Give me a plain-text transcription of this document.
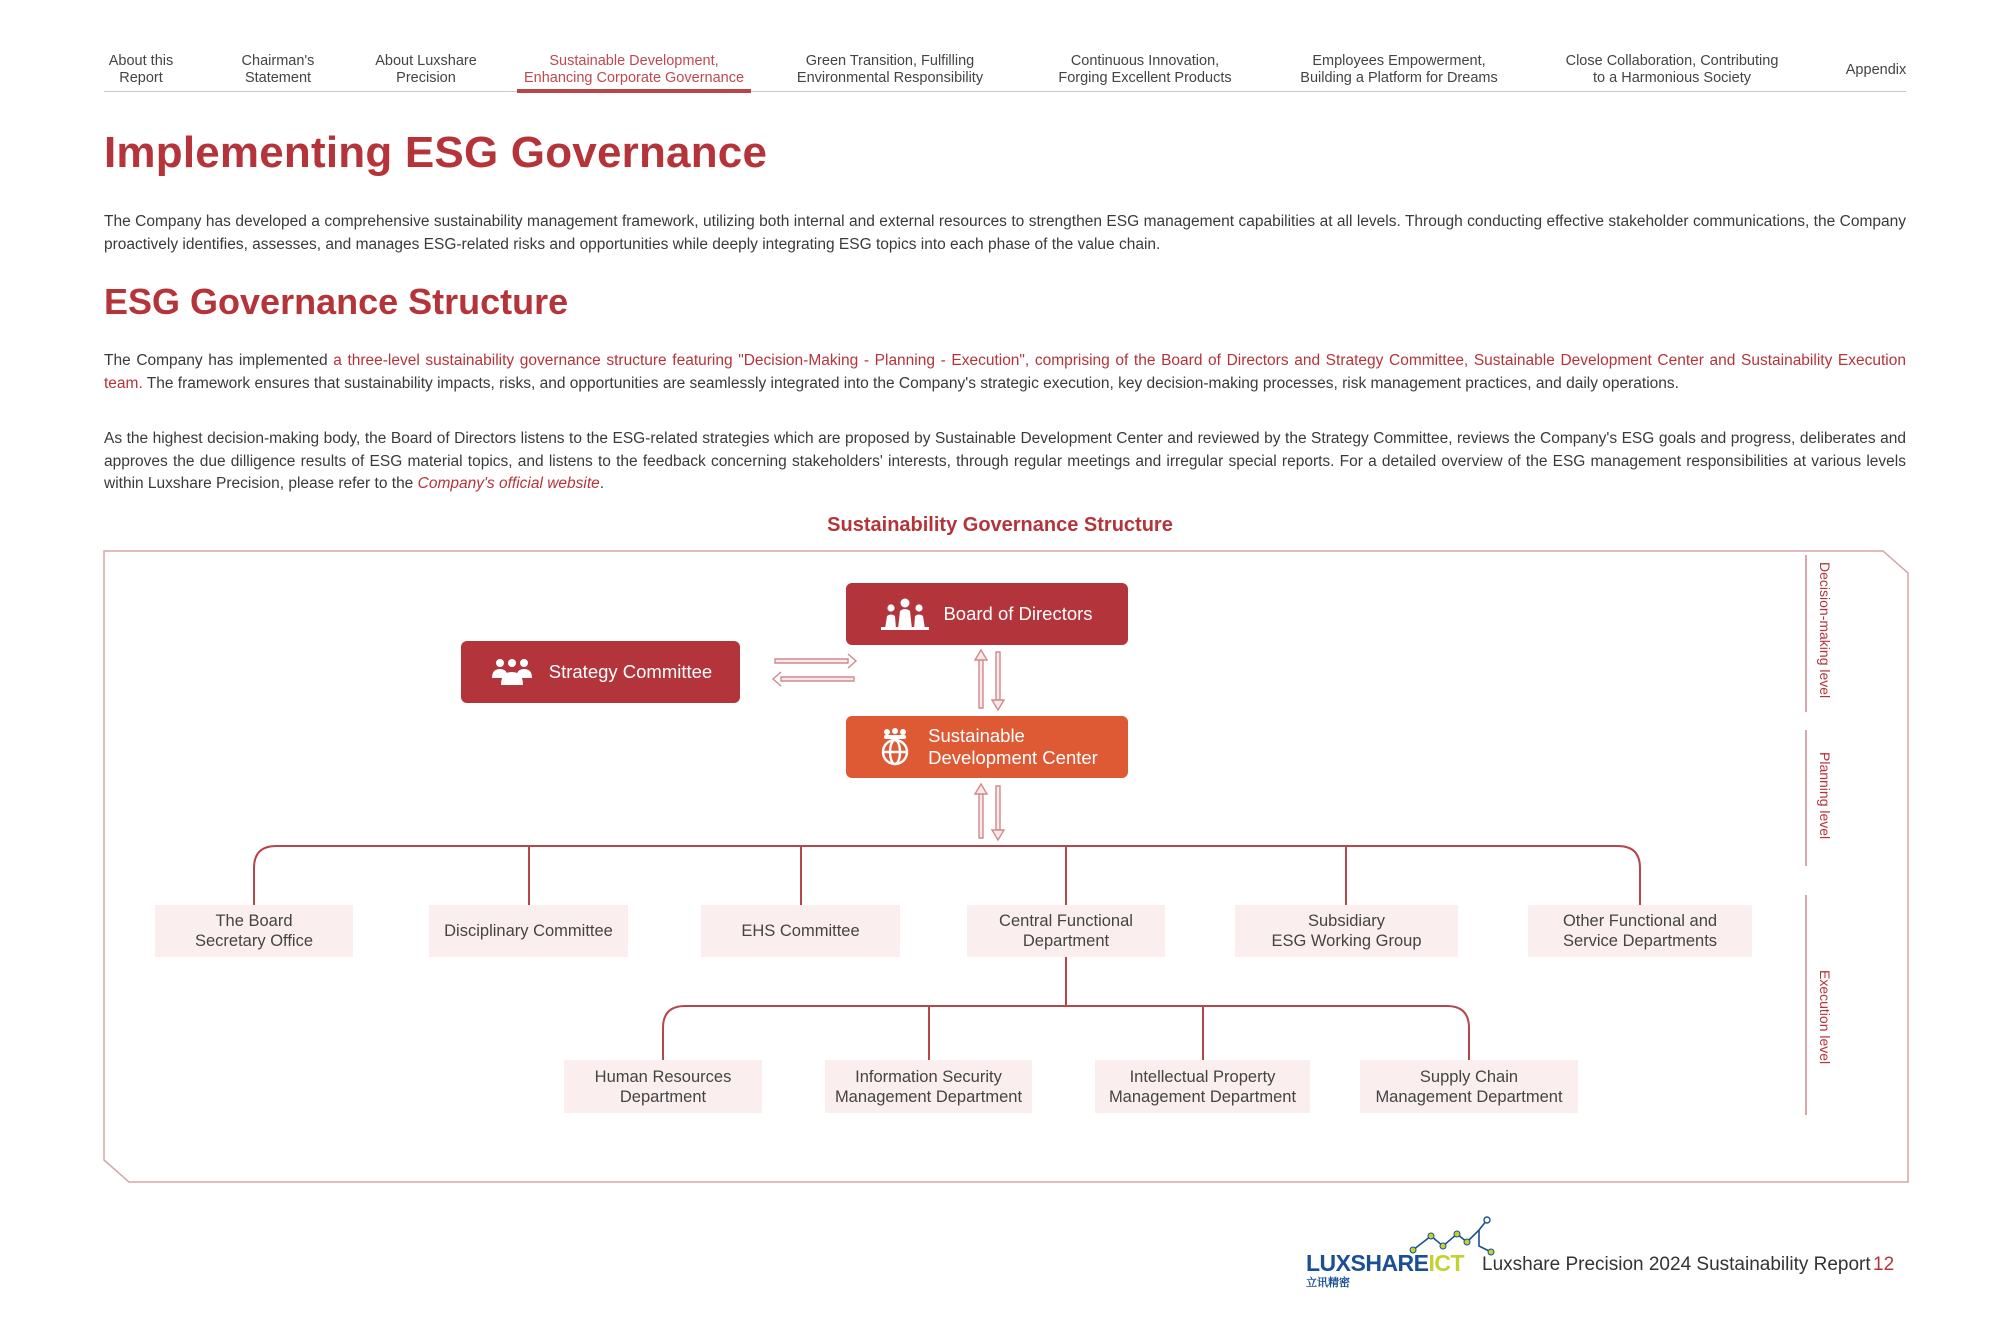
About this
Report
Chairman's
Statement
About Luxshare
Precision
Sustainable Development,
Enhancing Corporate Governance
Green Transition, Fulfilling
Environmental Responsibility
Continuous Innovation,
Forging Excellent Products
Employees Empowerment,
Building a Platform for Dreams
Close Collaboration, Contributing
to a Harmonious Society	Appendix
Implementing ESG Governance
The Company has developed a comprehensive sustainability management framework, utilizing both internal and external resources to strengthen ESG management capabilities at all levels. Through conducting effective stakeholder communications, the Company proactively identifies, assesses, and manages ESG-related risks and opportunities while deeply integrating ESG topics into each phase of the value chain.
ESG Governance Structure
The Company has implemented a three-level sustainability governance structure featuring "Decision-Making - Planning - Execution", comprising of the Board of Directors and Strategy Committee, Sustainable Development Center and Sustainability Execution team. The framework ensures that sustainability impacts, risks, and opportunities are seamlessly integrated into the Company's strategic execution, key decision-making processes, risk management practices, and daily operations.
As the highest decision-making body, the Board of Directors listens to the ESG-related strategies which are proposed by Sustainable Development Center and reviewed by the Strategy Committee, reviews the Company's ESG goals and progress, deliberates and approves the due dilligence results of ESG material topics, and listens to the feedback concerning stakeholders' interests, through regular meetings and irregular special reports. For a detailed overview of the ESG management responsibilities at various levels within Luxshare Precision, please refer to the Company's official website.
Sustainability Governance Structure
Board of Directors
Strategy Committee
Sustainable
Development Center
The Board
Secretary Office
Disciplinary Committee	EHS Committee
Central Functional
Department
Subsidiary
ESG Working Group
Other Functional and
Service Departments
Human Resources
Department
Information Security
Management Department
Intellectual Property
Management Department
Supply Chain
Management Department
Decision-making level
Planning level
Execution level
LUXSHAREICT
立讯精密
Luxshare Precision 2024 Sustainability Report 12
